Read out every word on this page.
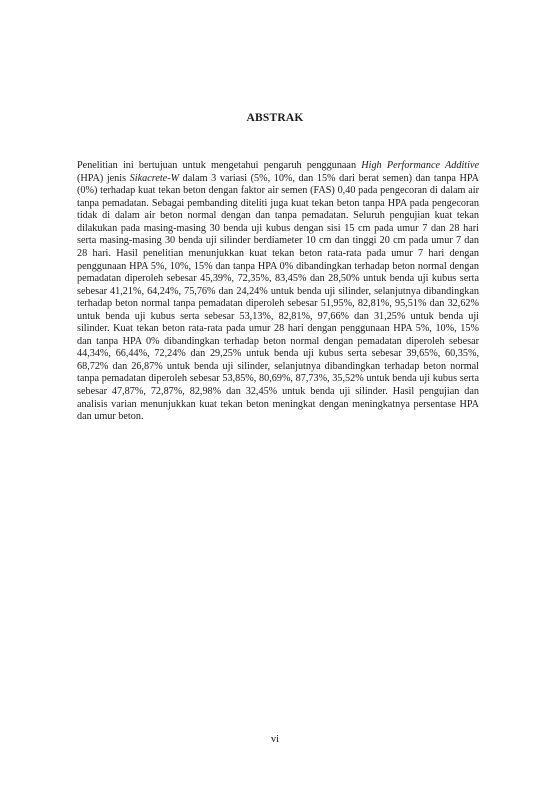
ABSTRAK

Penelitian ini bertujuan untuk mengetahui pengaruh penggunaan High Performance Additive (HPA) jenis Sikacrete-W dalam 3 variasi (5%, 10%, dan 15% dari berat semen) dan tanpa HPA (0%) terhadap kuat tekan beton dengan faktor air semen (FAS) 0,40 pada pengecoran di dalam air tanpa pemadatan. Sebagai pembanding diteliti juga kuat tekan beton tanpa HPA pada pengecoran tidak di dalam air beton normal dengan dan tanpa pemadatan. Seluruh pengujian kuat tekan dilakukan pada masing-masing 30 benda uji kubus dengan sisi 15 cm pada umur 7 dan 28 hari serta masing-masing 30 benda uji silinder berdiameter 10 cm dan tinggi 20 cm pada umur 7 dan 28 hari. Hasil penelitian menunjukkan kuat tekan beton rata-rata pada umur 7 hari dengan penggunaan HPA 5%, 10%, 15% dan tanpa HPA 0% dibandingkan terhadap beton normal dengan pemadatan diperoleh sebesar 45,39%, 72,35%, 83,45% dan 28,50% untuk benda uji kubus serta sebesar 41,21%, 64,24%, 75,76% dan 24,24% untuk benda uji silinder, selanjutnya dibandingkan terhadap beton normal tanpa pemadatan diperoleh sebesar 51,95%, 82,81%, 95,51% dan 32,62% untuk benda uji kubus serta sebesar 53,13%, 82,81%, 97,66% dan 31,25% untuk benda uji silinder. Kuat tekan beton rata-rata pada umur 28 hari dengan penggunaan HPA 5%, 10%, 15% dan tanpa HPA 0% dibandingkan terhadap beton normal dengan pemadatan diperoleh sebesar 44,34%, 66,44%, 72,24% dan 29,25% untuk benda uji kubus serta sebesar 39,65%, 60,35%, 68,72% dan 26,87% untuk benda uji silinder, selanjutnya dibandingkan terhadap beton normal tanpa pemadatan diperoleh sebesar 53,85%, 80,69%, 87,73%, 35,52% untuk benda uji kubus serta sebesar 47,87%, 72,87%, 82,98% dan 32,45% untuk benda uji silinder. Hasil pengujian dan analisis varian menunjukkan kuat tekan beton meningkat dengan meningkatnya persentase HPA dan umur beton.

vi
